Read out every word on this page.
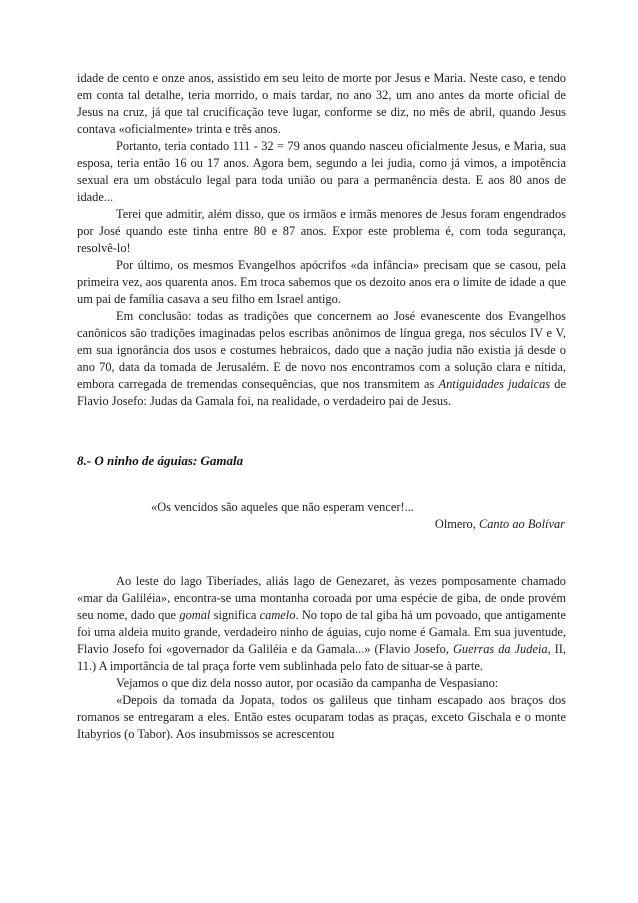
idade de cento e onze anos, assistido em seu leito de morte por Jesus e Maria. Neste caso, e tendo em conta tal detalhe, teria morrido, o mais tardar, no ano 32, um ano antes da morte oficial de Jesus na cruz, já que tal crucificação teve lugar, conforme se diz, no mês de abril, quando Jesus contava «oficialmente» trinta e três anos.

Portanto, teria contado 111 - 32 = 79 anos quando nasceu oficialmente Jesus, e Maria, sua esposa, teria então 16 ou 17 anos. Agora bem, segundo a lei judia, como já vimos, a impotência sexual era um obstáculo legal para toda união ou para a permanência desta. E aos 80 anos de idade...

Terei que admitir, além disso, que os irmãos e irmãs menores de Jesus foram engendrados por José quando este tinha entre 80 e 87 anos. Expor este problema é, com toda segurança, resolvê-lo!

Por último, os mesmos Evangelhos apócrifos «da infância» precisam que se casou, pela primeira vez, aos quarenta anos. Em troca sabemos que os dezoito anos era o limite de idade a que um pai de família casava a seu filho em Israel antigo.

Em conclusão: todas as tradições que concernem ao José evanescente dos Evangelhos canônicos são tradições imaginadas pelos escribas anônimos de língua grega, nos séculos IV e V, em sua ignorância dos usos e costumes hebraicos, dado que a nação judia não existia já desde o ano 70, data da tomada de Jerusalém. E de novo nos encontramos com a solução clara e nítida, embora carregada de tremendas consequências, que nos transmitem as Antiguidades judaicas de Flavio Josefo: Judas da Gamala foi, na realidade, o verdadeiro pai de Jesus.

8.- O ninho de águias: Gamala
«Os vencidos são aqueles que não esperam vencer!...
Olmero, Canto ao Bolívar

Ao leste do lago Tiberíades, aliás lago de Genezaret, às vezes pomposamente chamado «mar da Galiléia», encontra-se uma montanha coroada por uma espécie de giba, de onde provém seu nome, dado que gomal significa camelo. No topo de tal giba há um povoado, que antigamente foi uma aldeia muito grande, verdadeiro ninho de águias, cujo nome é Gamala. Em sua juventude, Flavio Josefo foi «governador da Galiléia e da Gamala...» (Flavio Josefo, Guerras da Judeia, II, 11.) A importância de tal praça forte vem sublinhada pelo fato de situar-se à parte.

Vejamos o que diz dela nosso autor, por ocasião da campanha de Vespasiano:

«Depois da tomada da Jopata, todos os galileus que tinham escapado aos braços dos romanos se entregaram a eles. Então estes ocuparam todas as praças, exceto Gischala e o monte Itabyrios (o Tabor). Aos insubmissos se acrescentou
